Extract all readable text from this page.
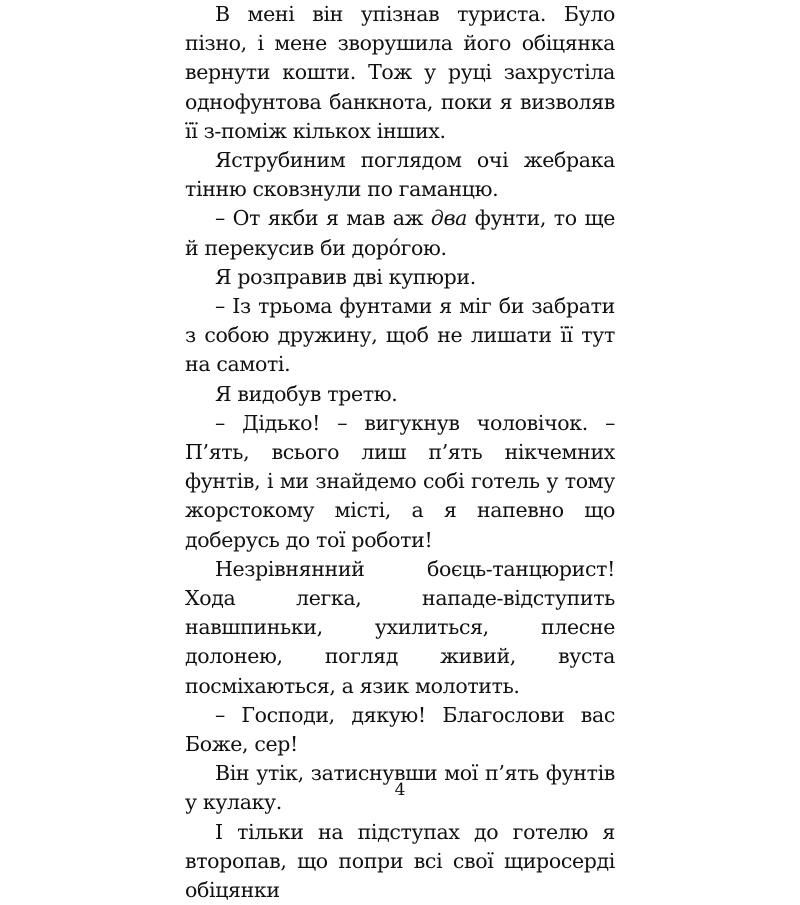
В мені він упізнав туриста. Було пізно, і мене зворушила його обіцянка вернути кошти. Тож у руці захрустіла однофунтова банкнота, поки я визволяв її з-поміж кількох інших.

Яструбиним поглядом очі жебрака тінню сковзнули по гаманцю.

– От якби я мав аж два фунти, то ще й перекусив би дорóгою.

Я розправив дві купюри.

– Із трьома фунтами я міг би забрати з собою дружину, щоб не лишати її тут на самоті.

Я видобув третю.

– Дідько! – вигукнув чоловічок. – П’ять, всього лиш п’ять нікчемних фунтів, і ми знайдемо собі готель у тому жорстокому місті, а я напевно що доберусь до тої роботи!

Незрівнянний боєць-танцюрист! Хода легка, нападе-відступить навшпиньки, ухилиться, плесне долонею, погляд живий, вуста посміхаються, а язик молотить.

– Господи, дякую! Благослови вас Боже, сер!

Він утік, затиснувши мої п’ять фунтів у кулаку.

І тільки на підступах до готелю я второпав, що попри всі свої щиросерді обіцянки

4
